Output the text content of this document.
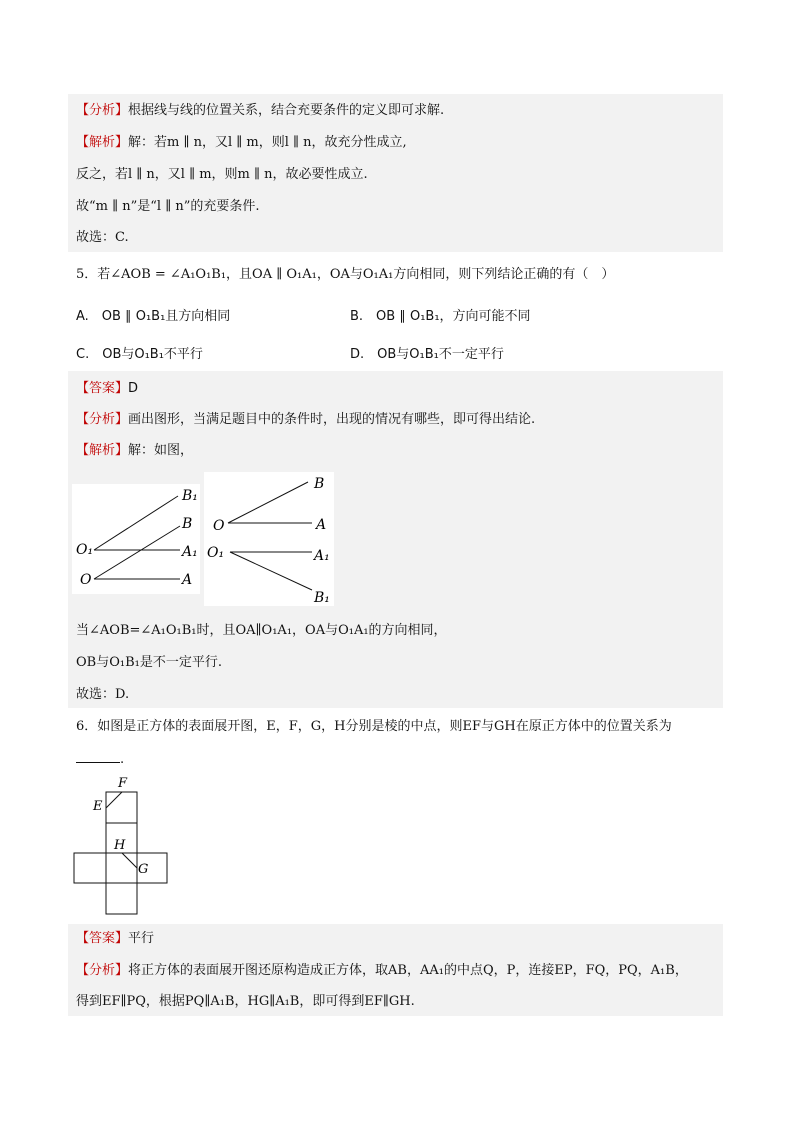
【分析】根据线与线的位置关系，结合充要条件的定义即可求解.
【解析】解：若m ∥ n，又l ∥ m，则l ∥ n，故充分性成立,
反之，若l ∥ n，又l ∥ m，则m ∥ n，故必要性成立.
故“m ∥ n”是“l ∥ n”的充要条件.
故选：C.
5．若∠AOB = ∠A₁O₁B₁，且OA ∥ O₁A₁，OA与O₁A₁方向相同，则下列结论正确的有（　）
A.　OB ∥ O₁B₁且方向相同	B.　OB ∥ O₁B₁，方向可能不同
C.　OB与O₁B₁不平行	D.　OB与O₁B₁不一定平行
【答案】D
【分析】画出图形，当满足题目中的条件时，出现的情况有哪些，即可得出结论.
【解析】解：如图，
B₁
B
O₁	A₁
O	A
B
O	A
O₁	A₁
B₁
当∠AOB=∠A₁O₁B₁时，且OA∥O₁A₁，OA与O₁A₁的方向相同，
OB与O₁B₁是不一定平行.
故选：D.
6．如图是正方体的表面展开图，E，F，G，H分别是棱的中点，则EF与GH在原正方体中的位置关系为
.
F
E
H
G
【答案】平行
【分析】将正方体的表面展开图还原构造成正方体，取AB，AA₁的中点Q，P，连接EP，FQ，PQ，A₁B，
得到EF∥PQ，根据PQ∥A₁B，HG∥A₁B，即可得到EF∥GH.
